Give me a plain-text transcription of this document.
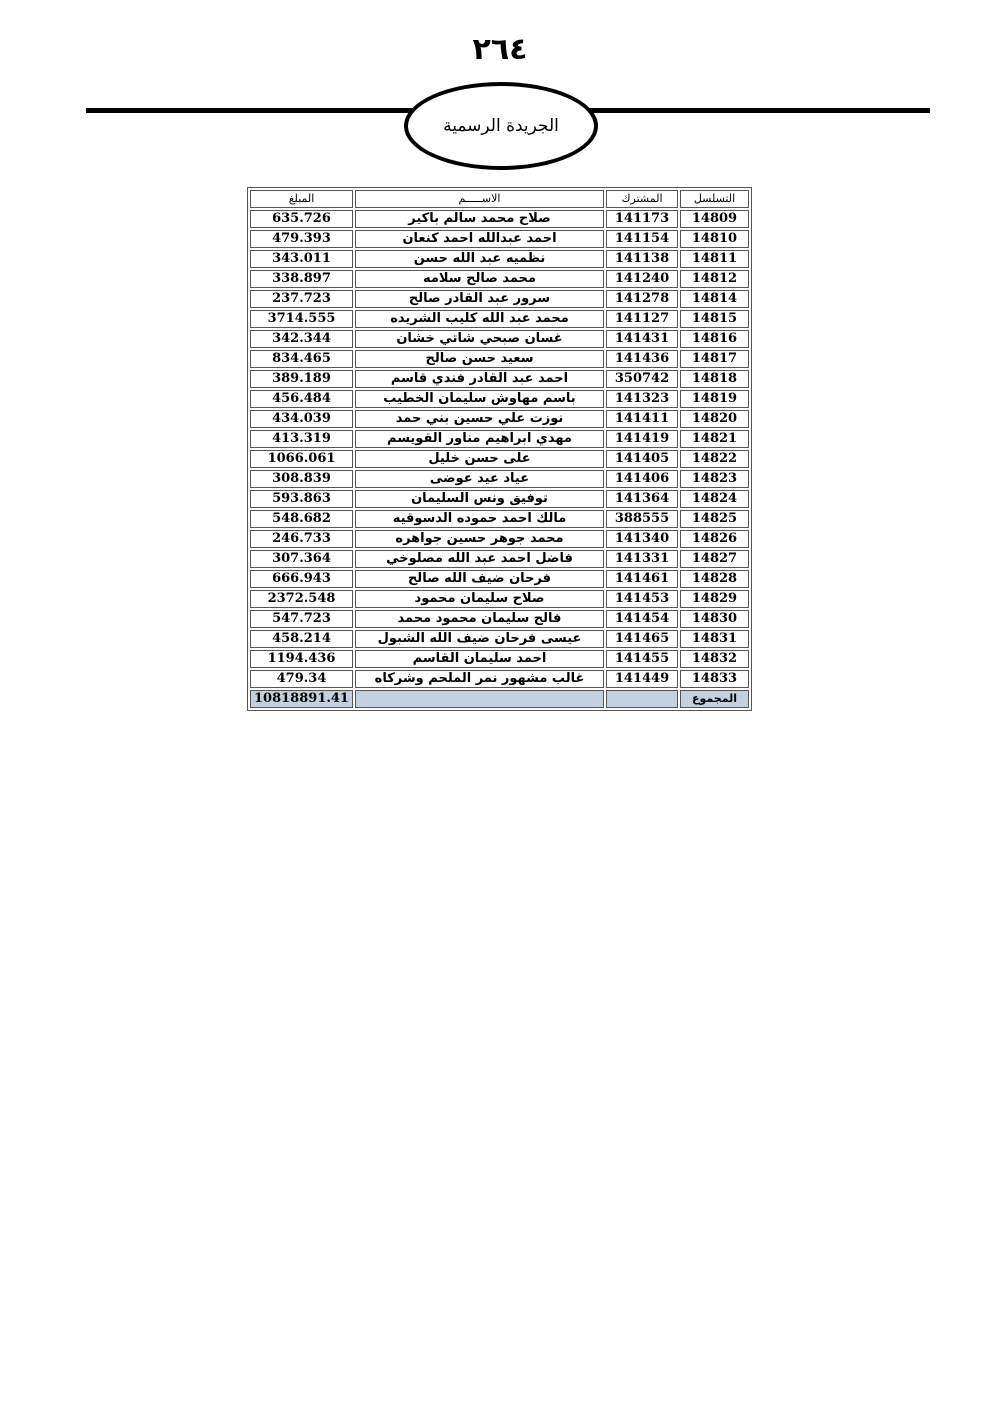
٢٦٤
الجريدة الرسمية
التسلسل	المشترك	الاســـــم	المبلغ
14809	141173	صلاح محمد سالم باكير	635.726
14810	141154	احمد عبدالله احمد كنعان	479.393
14811	141138	نظميه عبد الله حسن	343.011
14812	141240	محمد صالح سلامه	338.897
14814	141278	سرور عبد القادر صالح	237.723
14815	141127	محمد عبد الله كليب الشريده	3714.555
14816	141431	غسان صبحي شاتي خشان	342.344
14817	141436	سعيد حسن صالح	834.465
14818	350742	احمد عبد القادر فندي قاسم	389.189
14819	141323	باسم مهاوش سليمان الخطيب	456.484
14820	141411	نوزت علي حسين بني حمد	434.039
14821	141419	مهدي ابراهيم مناور القويسم	413.319
14822	141405	على حسن خليل	1066.061
14823	141406	عياد عيد عوضى	308.839
14824	141364	توفيق ونس السليمان	593.863
14825	388555	مالك احمد حموده الدسوقيه	548.682
14826	141340	محمد جوهر حسين جواهره	246.733
14827	141331	فاضل احمد عبد الله مصلوخي	307.364
14828	141461	فرحان ضيف الله صالح	666.943
14829	141453	صلاح سليمان محمود	2372.548
14830	141454	فالح سليمان محمود محمد	547.723
14831	141465	عيسى فرحان ضيف الله الشبول	458.214
14832	141455	احمد سليمان القاسم	1194.436
14833	141449	غالب مشهور نمر الملحم وشركاه	479.34
المجموع			10818891.41
